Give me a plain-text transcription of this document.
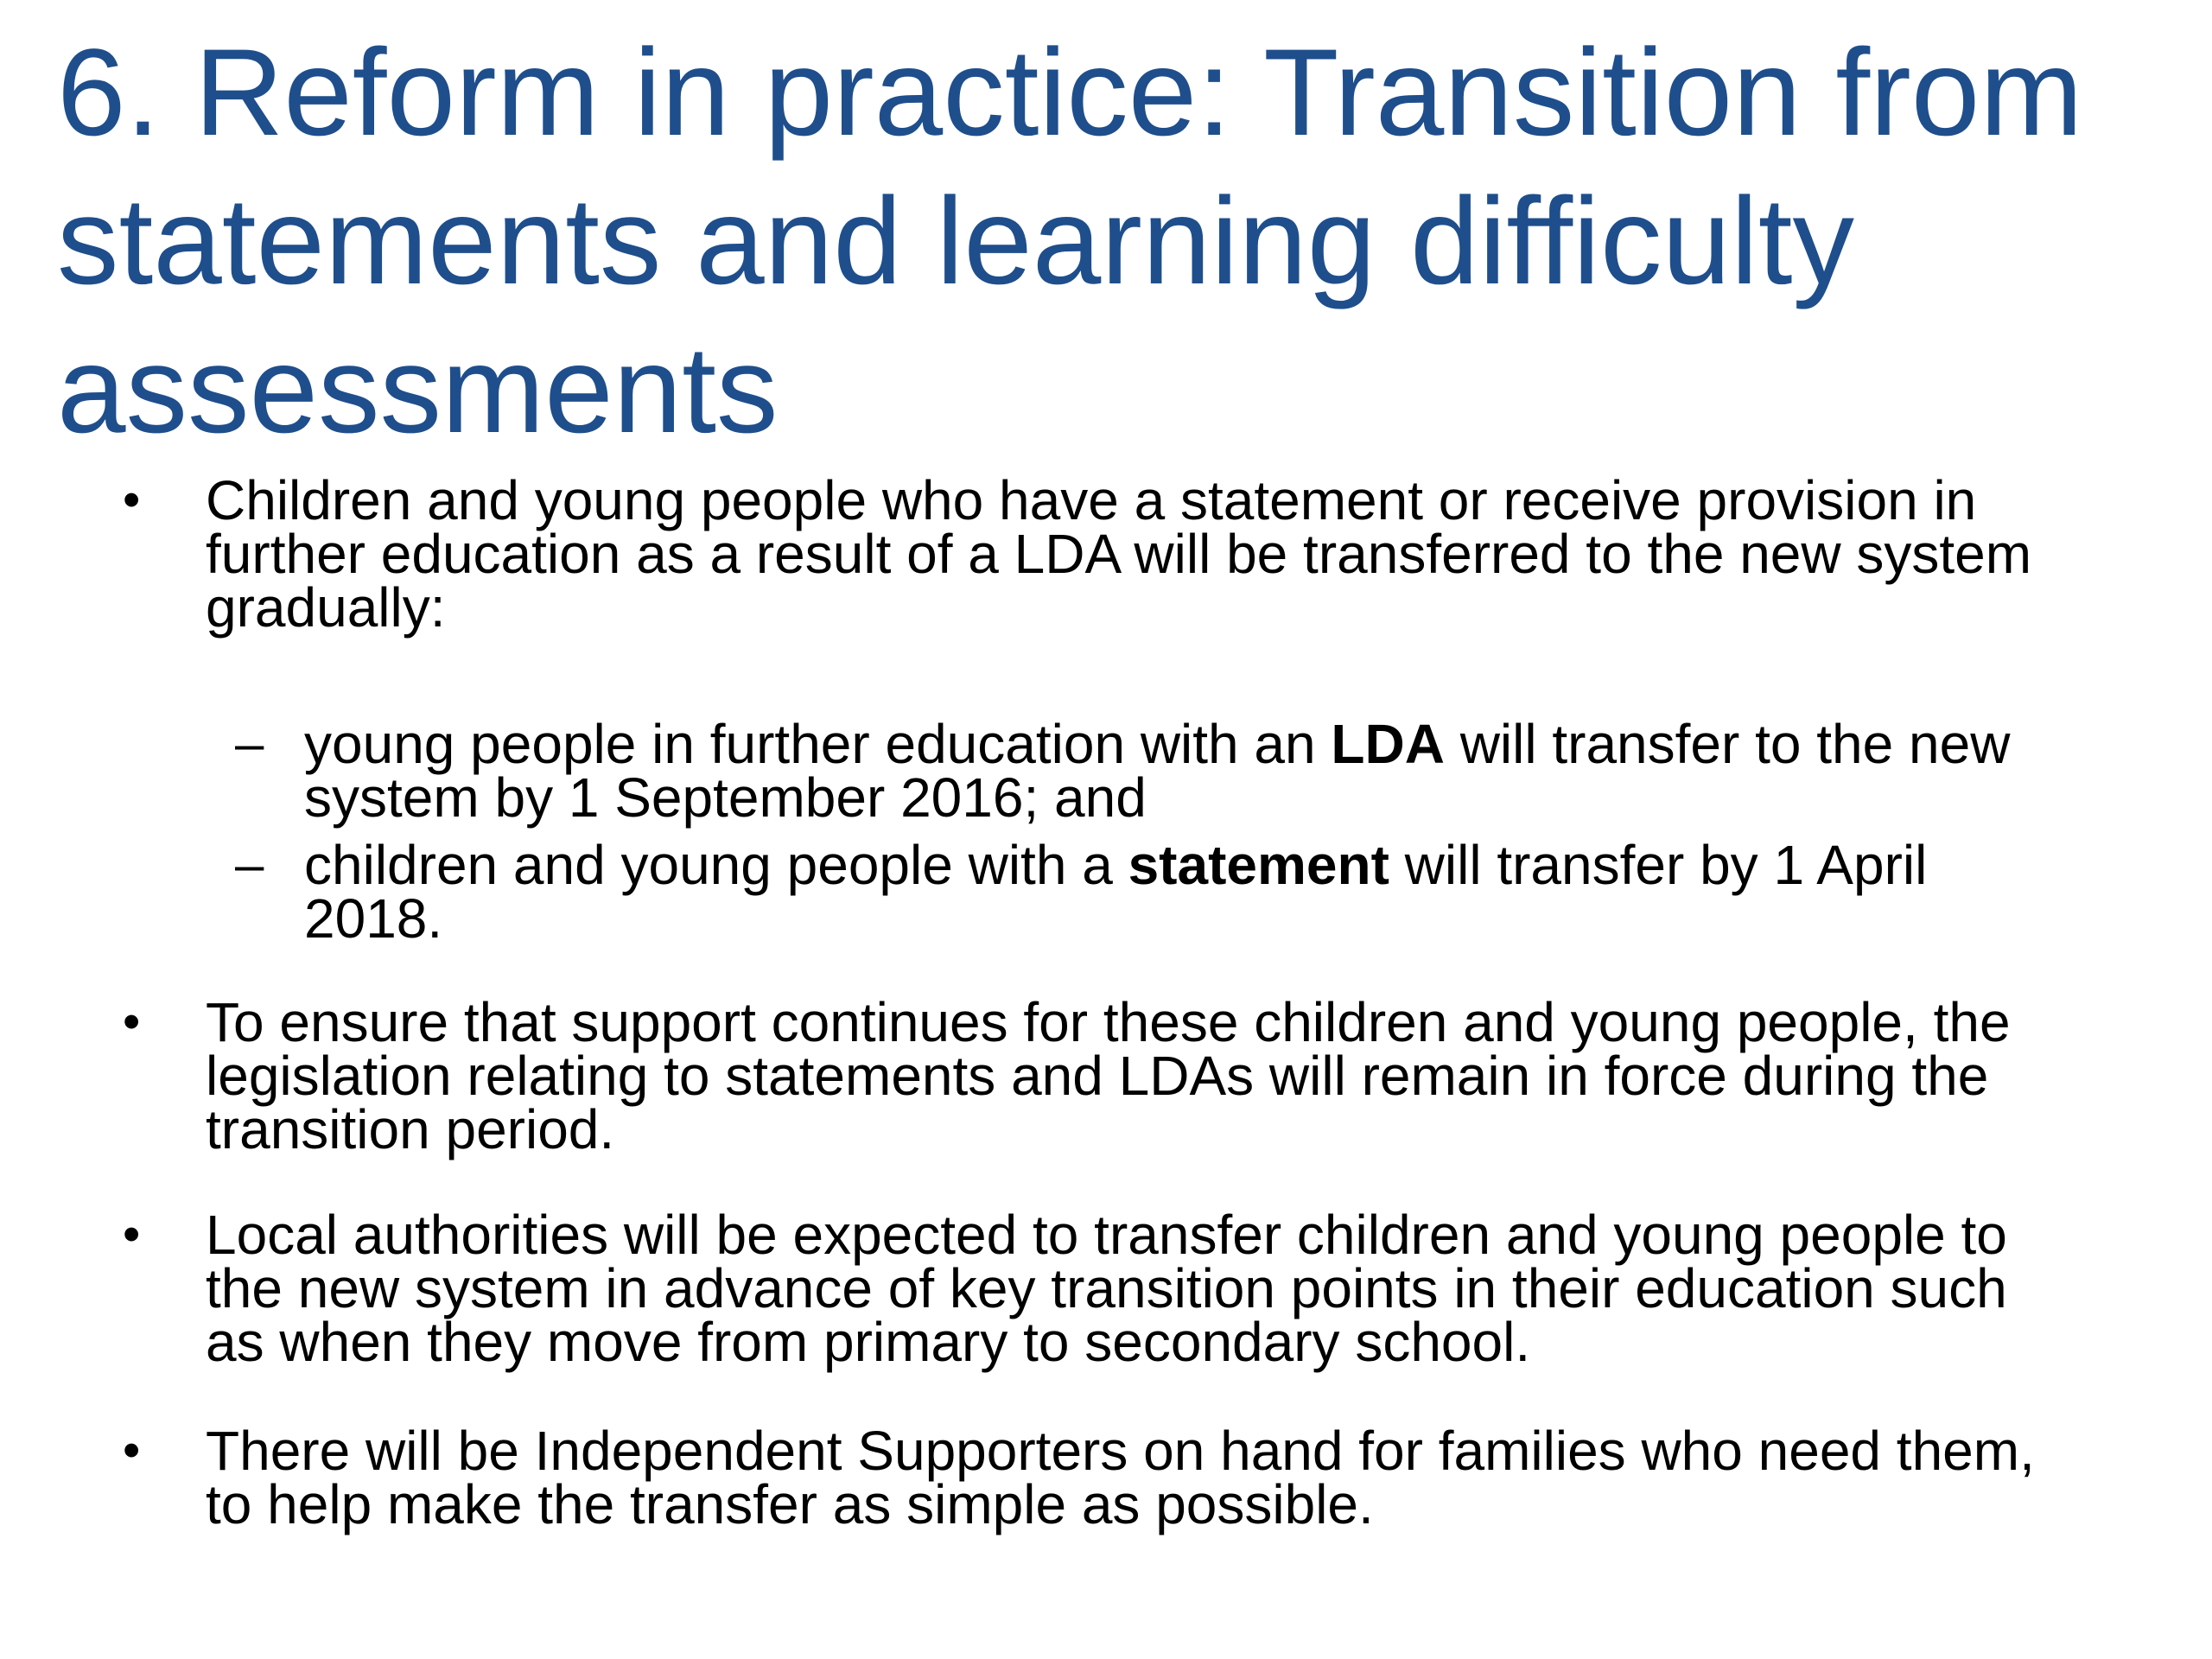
6. Reform in practice: Transition from
statements and learning difficulty
assessments
• Children and young people who have a statement or receive provision in
further education as a result of a LDA will be transferred to the new system
gradually:
– young people in further education with an LDA will transfer to the new
system by 1 September 2016; and
– children and young people with a statement will transfer by 1 April
2018.
• To ensure that support continues for these children and young people, the
legislation relating to statements and LDAs will remain in force during the
transition period.
• Local authorities will be expected to transfer children and young people to
the new system in advance of key transition points in their education such
as when they move from primary to secondary school.
• There will be Independent Supporters on hand for families who need them,
to help make the transfer as simple as possible.
